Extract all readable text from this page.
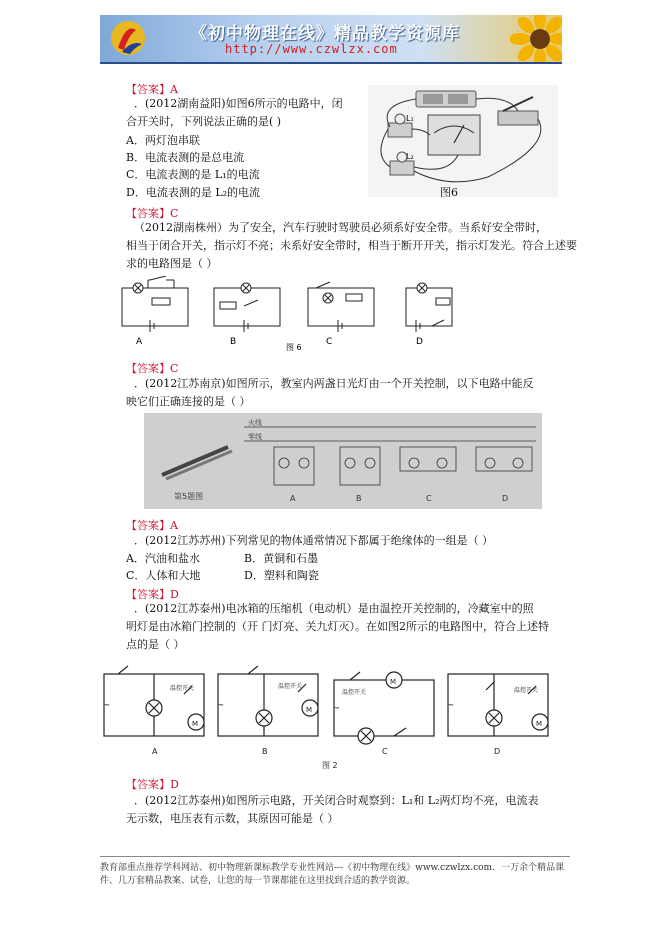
《初中物理在线》精品教学资源库
http://www.czwlzx.com
【答案】A
．(2012湖南益阳)如图6所示的电路中，闭
合开关时，下列说法正确的是( )
A．两灯泡串联
B．电流表测的是总电流
C．电流表测的是 L₁的电流
D．电流表测的是 L₂的电流
L₁
L₂
图6
【答案】C
（2012湖南株州）为了安全，汽车行驶时驾驶员必须系好安全带。当系好安全带时，
相当于闭合开关，指示灯不亮；未系好安全带时，相当于断开开关，指示灯发光。符合上述要
求的电路图是（ ）
A	B	C	D
图 6
【答案】C
．(2012江苏南京)如图所示，教室内两盏日光灯由一个开关控制，以下电路中能反
映它们正确连接的是（ ）
第5题图
火线
零线
A	B	C	D
【答案】A
．(2012江苏苏州)下列常见的物体通常情况下都属于绝缘体的一组是（ ）
A．汽油和盐水	B．黄铜和石墨
C．人体和大地	D．塑料和陶瓷
【答案】D
．(2012江苏泰州)电冰箱的压缩机（电动机）是由温控开关控制的，冷藏室中的照
明灯是由冰箱门控制的（开 门灯亮、关九灯灭）。在如图2所示的电路图中，符合上述特
点的是（ ）
~	~	~	~
M
M
M
M
温控开关	温控开关
温控开关	温控开关
A	B	C	D
图 2
【答案】D
．(2012江苏泰州)如图所示电路，开关闭合时观察到：L₁和 L₂两灯均不亮，电流表
无示数，电压表有示数，其原因可能是（ ）
教育部重点推荐学科网站、初中物理新课标教学专业性网站---《初中物理在线》www.czwlzx.com．一万余个精品课件、几万套精品教案、试卷，让您的每一节课都能在这里找到合适的教学资源。
